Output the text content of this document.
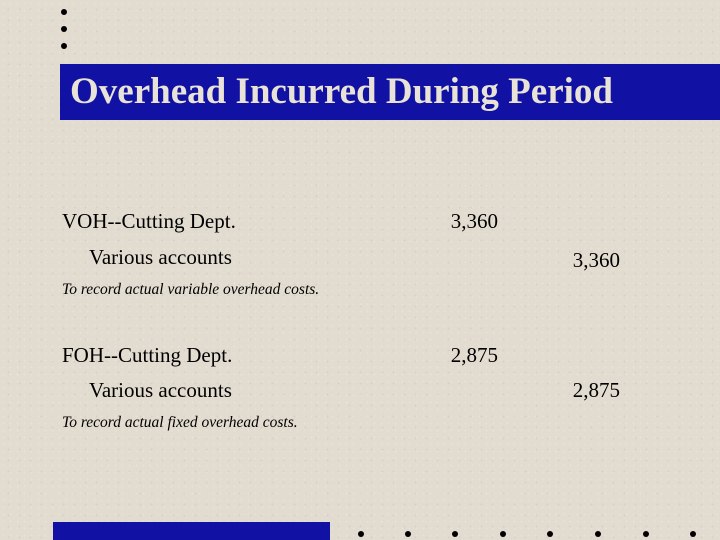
Overhead Incurred During Period
VOH--Cutting Dept.	3,360
Various accounts	3,360
To record actual variable overhead costs.
FOH--Cutting Dept.	2,875
Various accounts	2,875
To record actual fixed overhead costs.
